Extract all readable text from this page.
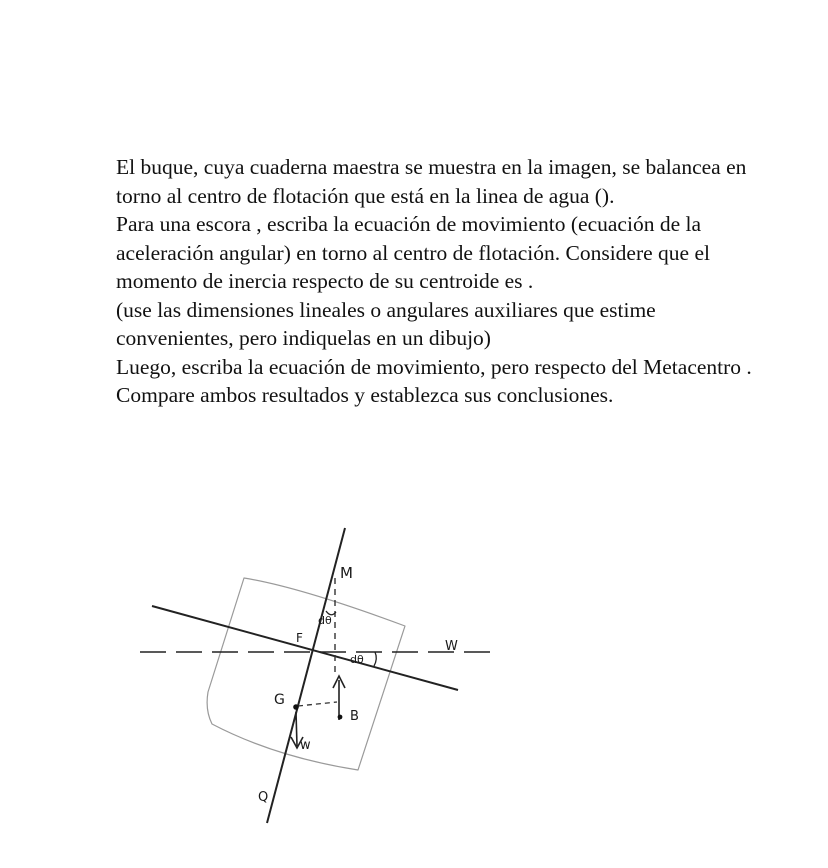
El buque, cuya cuaderna maestra se muestra en la imagen, se balancea en torno al centro de flotación que está en la linea de agua ().

Para una escora , escriba la ecuación de movimiento (ecuación de la aceleración angular) en torno al centro de flotación. Considere que el momento de inercia respecto de su centroide es .

(use las dimensiones lineales o angulares auxiliares que estime convenientes, pero indiquelas en un dibujo)

Luego, escriba la ecuación de movimiento, pero respecto del Metacentro .

Compare ambos resultados y establezca sus conclusiones.

M
F
W
G
B
w
Q
dθ
dθ
